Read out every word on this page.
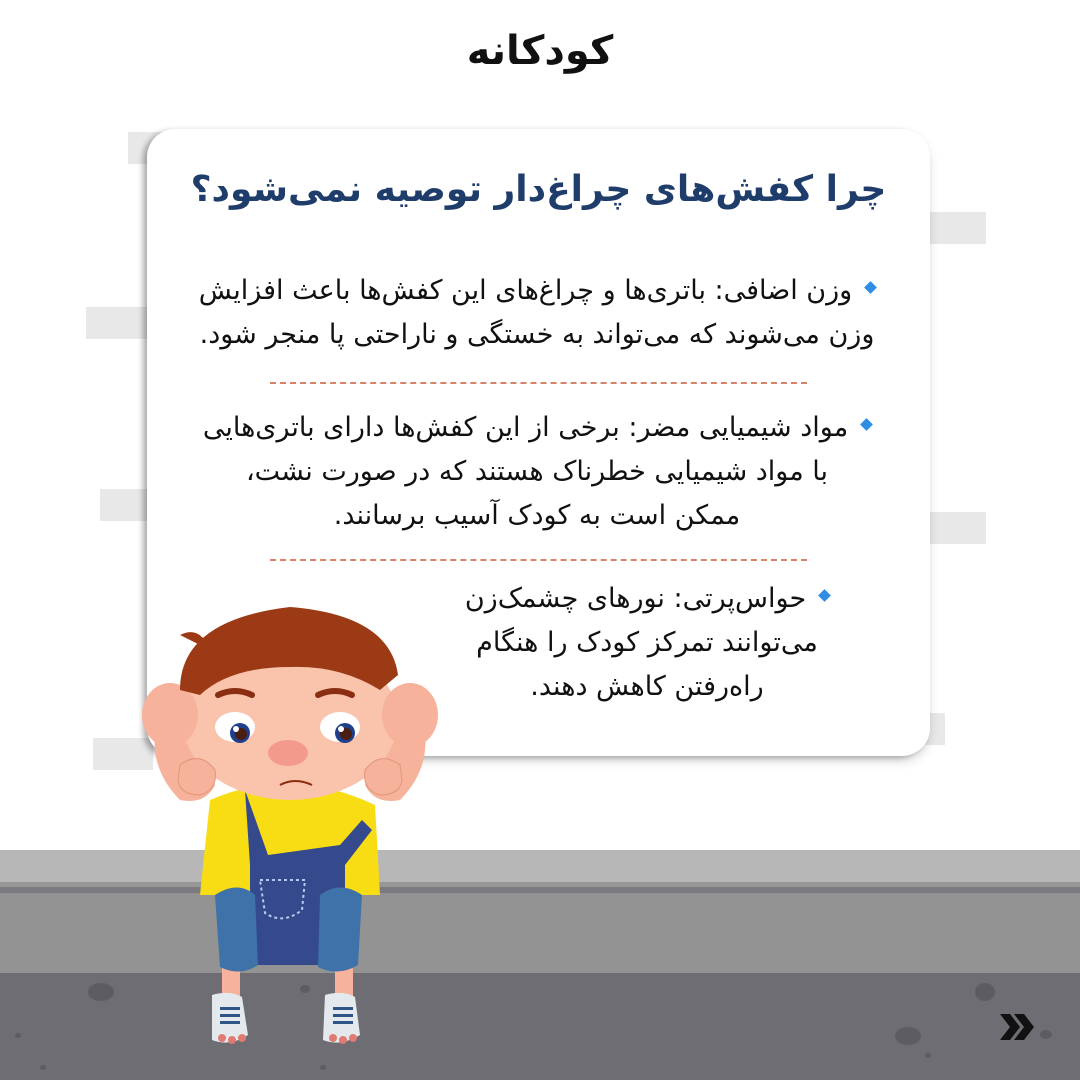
کودکانه
چرا کفش‌های چراغ‌دار توصیه نمی‌شود؟
وزن اضافی: باتری‌ها و چراغ‌های این کفش‌ها باعث افزایش
وزن می‌شوند که می‌تواند به خستگی و ناراحتی پا منجر شود.
مواد شیمیایی مضر: برخی از این کفش‌ها دارای باتری‌هایی
با مواد شیمیایی خطرناک هستند که در صورت نشت،
ممکن است به کودک آسیب برسانند.
حواس‌پرتی: نورهای چشمک‌زن
می‌توانند تمرکز کودک را هنگام
راه‌رفتن کاهش دهند.
